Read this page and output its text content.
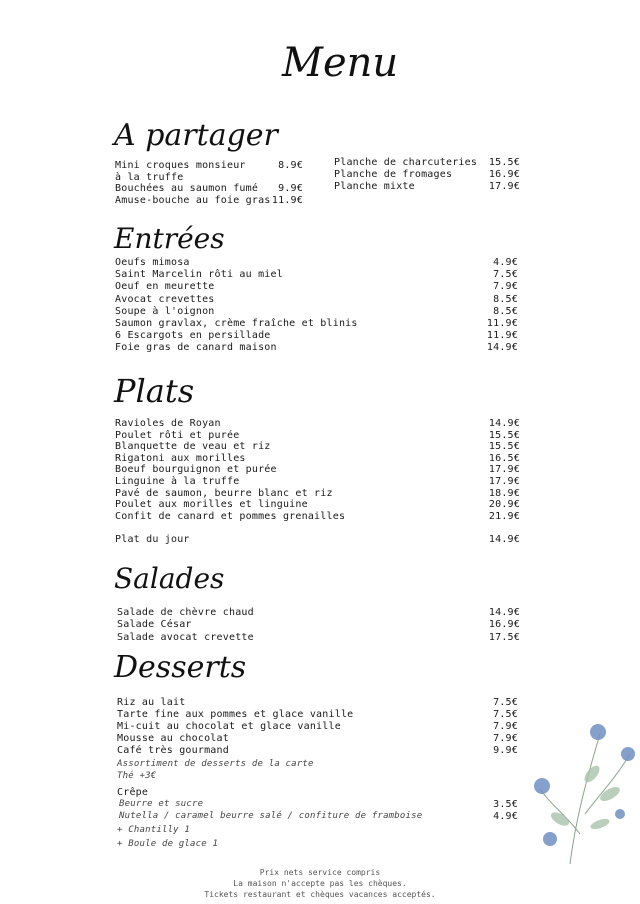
Menu
A partager
Mini croques monsieur	8.9€
à la truffe
Bouchées au saumon fumé	9.9€
Amuse-bouche au foie gras 11.9€
Planche de charcuteries	15.5€
Planche de fromages	16.9€
Planche mixte	17.9€
Entrées
Oeufs mimosa	4.9€
Saint Marcelin rôti au miel	7.5€
Oeuf en meurette	7.9€
Avocat crevettes	8.5€
Soupe à l'oignon	8.5€
Saumon gravlax, crème fraîche et blinis	11.9€
6 Escargots en persillade	11.9€
Foie gras de canard maison	14.9€
Plats
Ravioles de Royan	14.9€
Poulet rôti et purée	15.5€
Blanquette de veau et riz	15.5€
Rigatoni aux morilles	16.5€
Boeuf bourguignon et purée	17.9€
Linguine à la truffe	17.9€
Pavé de saumon, beurre blanc et riz	18.9€
Poulet aux morilles et linguine	20.9€
Confit de canard et pommes grenailles	21.9€
Plat du jour	14.9€
Salades
Salade de chèvre chaud	14.9€
Salade César	16.9€
Salade avocat crevette	17.5€
Desserts
Riz au lait	7.5€
Tarte fine aux pommes et glace vanille	7.5€
Mi-cuit au chocolat et glace vanille	7.9€
Mousse au chocolat	7.9€
Café très gourmand	9.9€
Assortiment de desserts de la carte
Thé +3€
Crêpe
Beurre et sucre	3.5€
Nutella / caramel beurre salé / confiture de framboise	4.9€
+ Chantilly 1
+ Boule de glace 1
Prix nets service compris
La maison n'accepte pas les chèques.
Tickets restaurant et chèques vacances acceptés.
